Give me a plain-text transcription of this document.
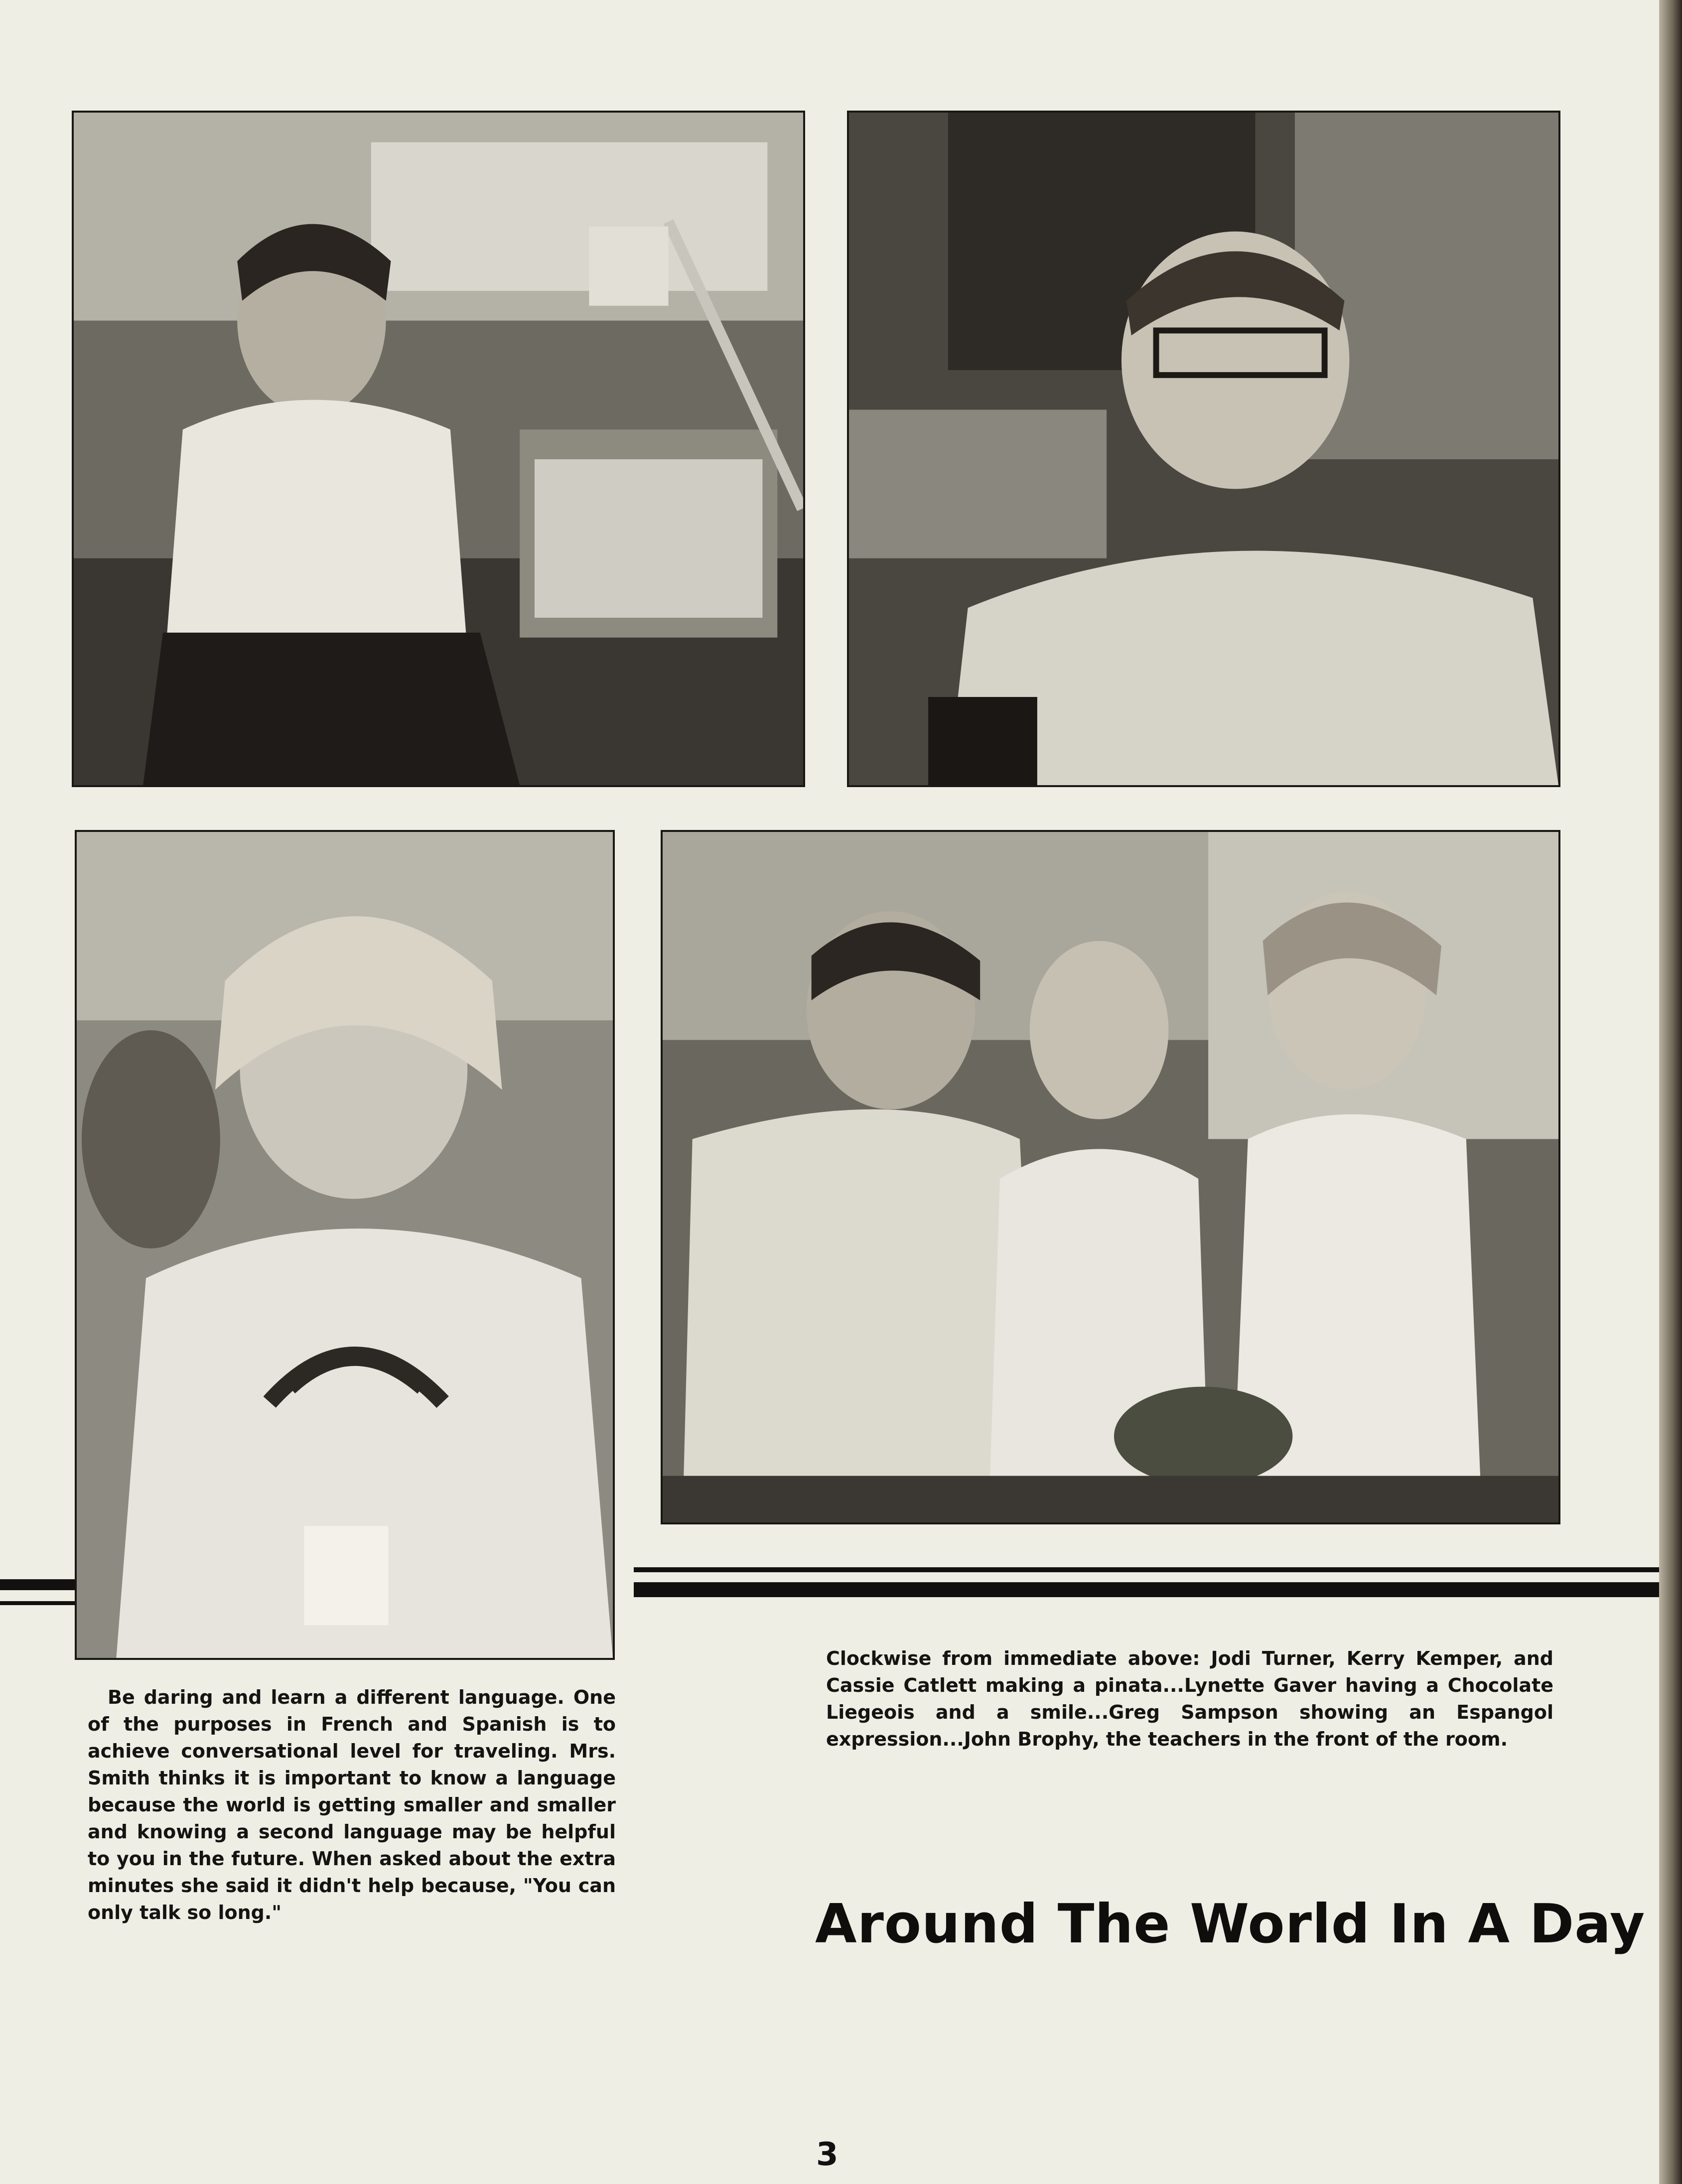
Be daring and learn a different language. One of the purposes in French and Spanish is to achieve conversational level for traveling. Mrs. Smith thinks it is important to know a language because the world is getting smaller and smaller and knowing a second language may be helpful to you in the future. When asked about the extra minutes she said it didn't help because, "You can only talk so long."

Clockwise from immediate above: Jodi Turner, Kerry Kemper, and Cassie Catlett making a pinata...Lynette Gaver having a Chocolate Liegeois and a smile...Greg Sampson showing an Espangol expression...John Brophy, the teachers in the front of the room.

Around The World In A Day

3
